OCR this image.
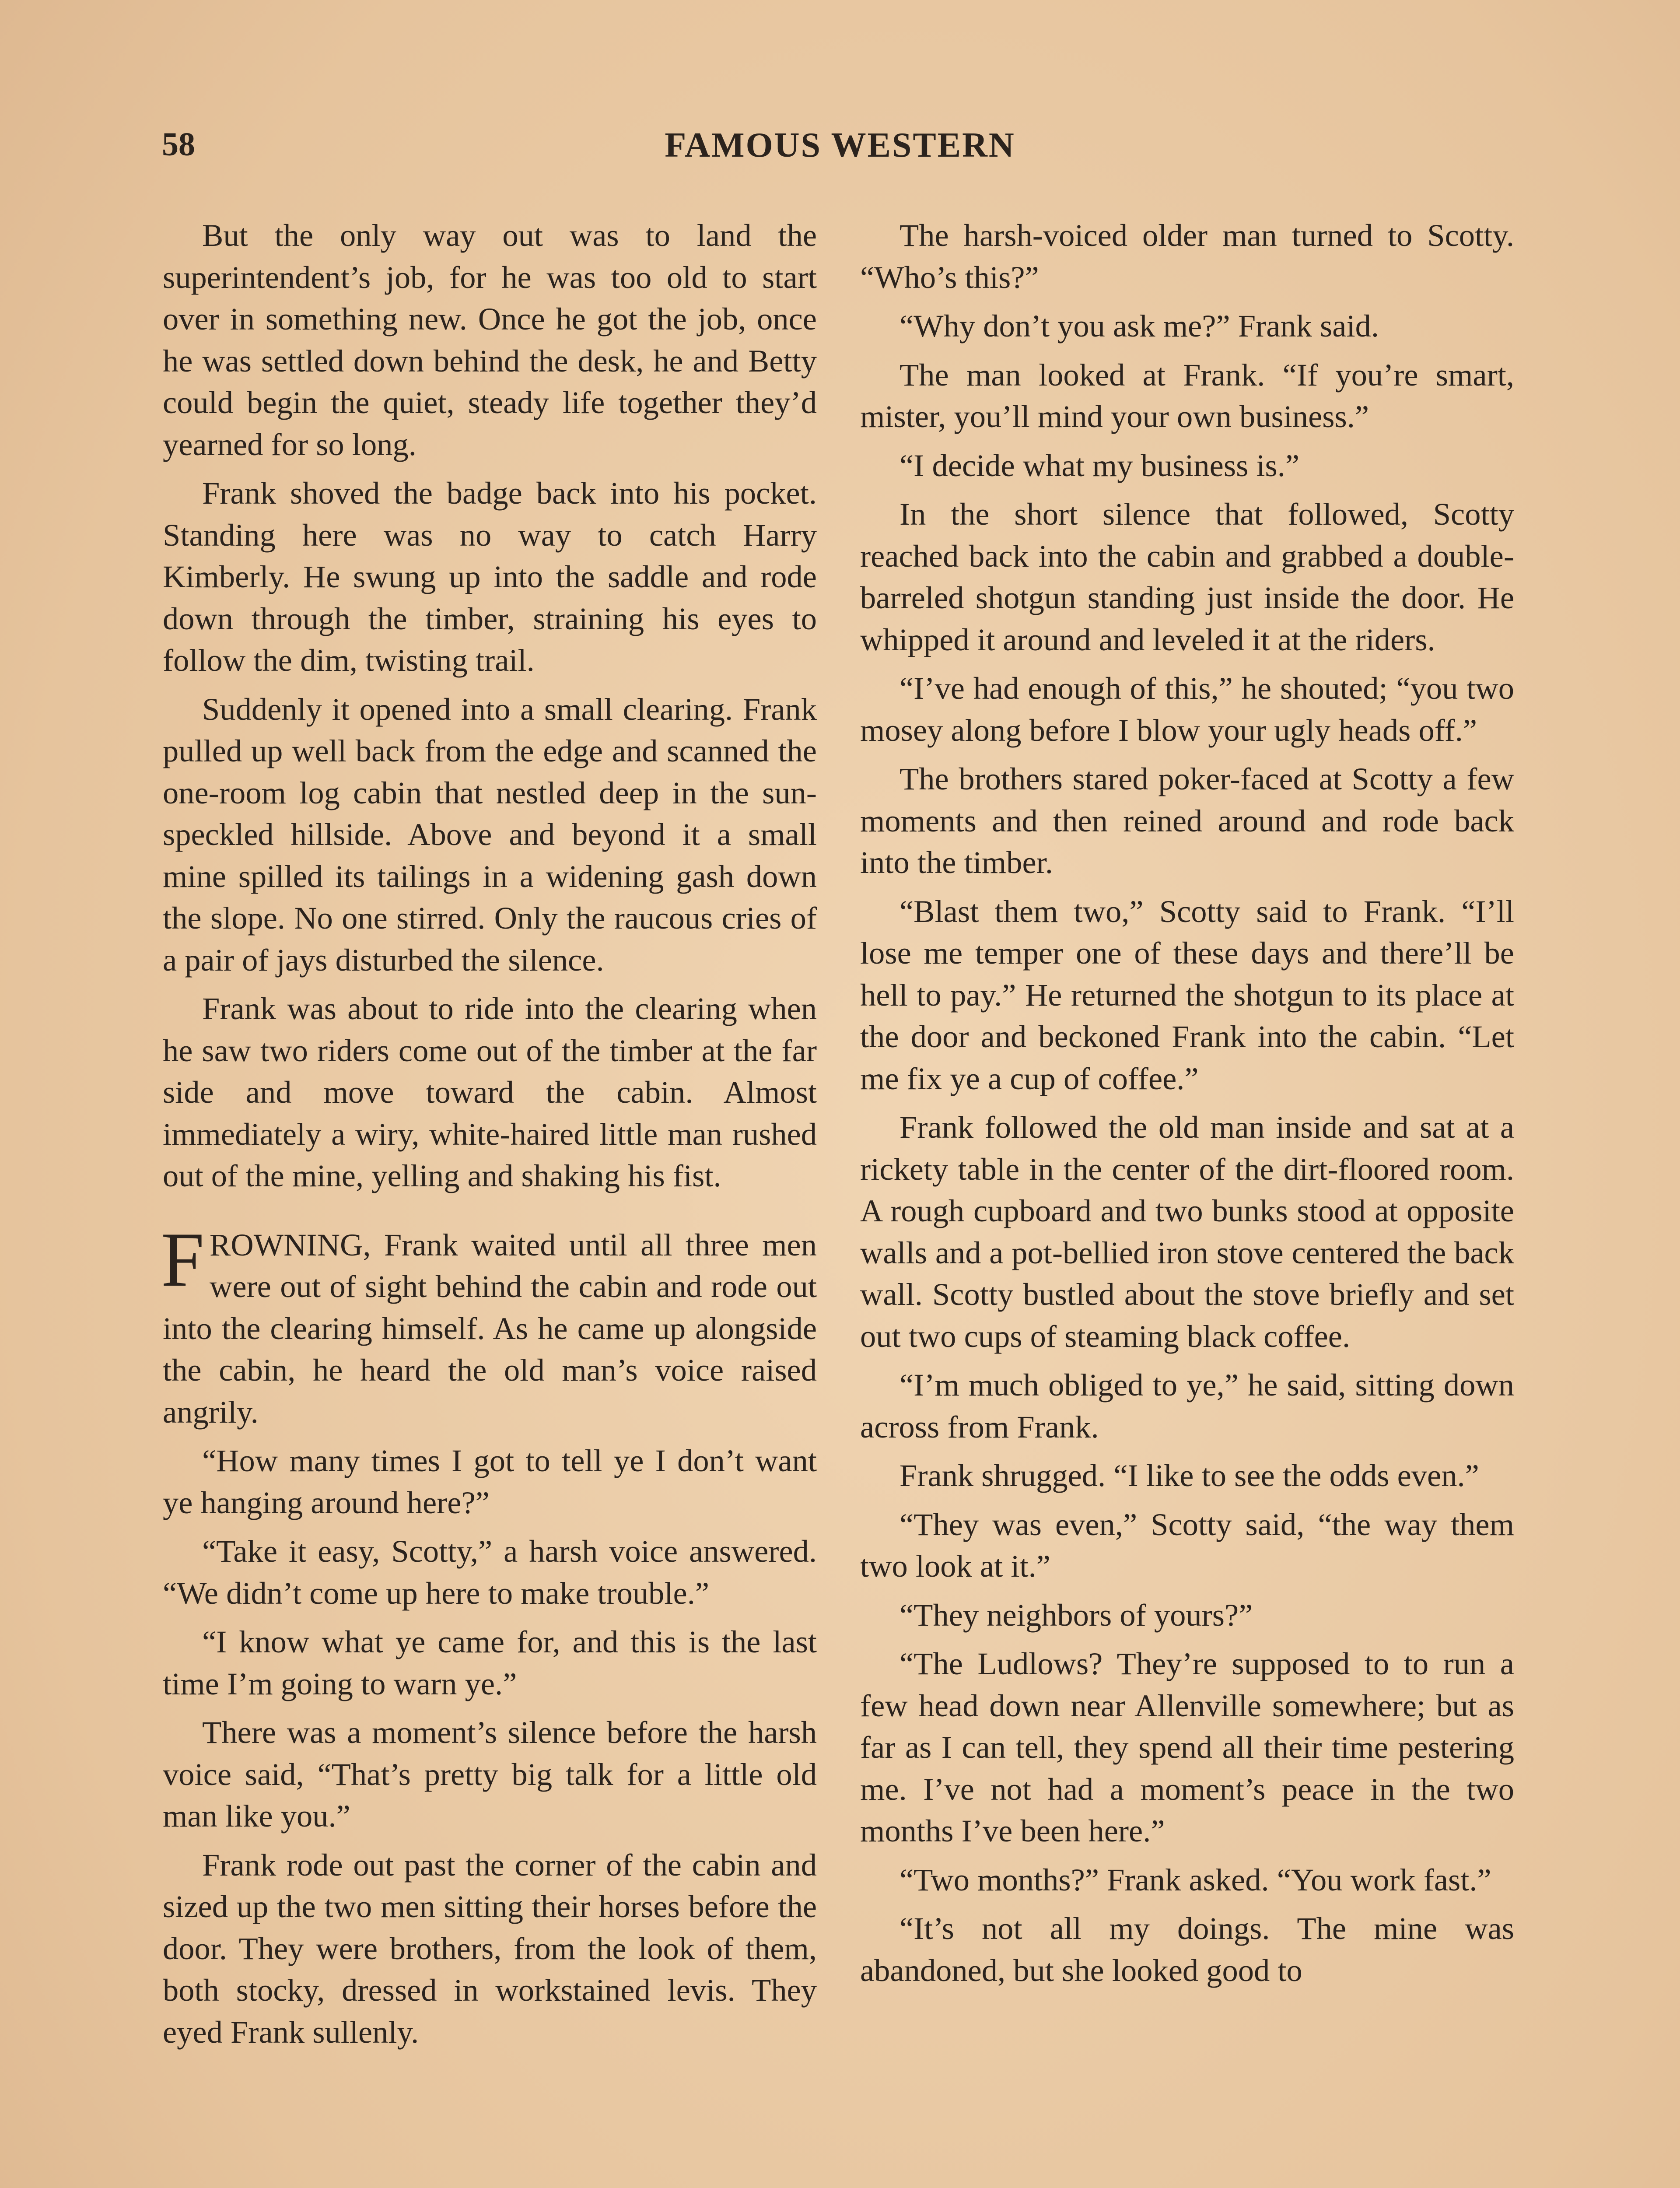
58	FAMOUS WESTERN

But the only way out was to land the superintendent’s job, for he was too old to start over in something new. Once he got the job, once he was settled down behind the desk, he and Betty could begin the quiet, steady life together they’d yearned for so long.

Frank shoved the badge back into his pocket. Standing here was no way to catch Harry Kimberly. He swung up into the saddle and rode down through the timber, straining his eyes to follow the dim, twisting trail.

Suddenly it opened into a small clearing. Frank pulled up well back from the edge and scanned the one-room log cabin that nestled deep in the sun-speckled hillside. Above and beyond it a small mine spilled its tailings in a widening gash down the slope. No one stirred. Only the raucous cries of a pair of jays disturbed the silence.

Frank was about to ride into the clearing when he saw two riders come out of the timber at the far side and move toward the cabin. Almost immediately a wiry, white-haired little man rushed out of the mine, yelling and shaking his fist.

FROWNING, Frank waited until all three men were out of sight behind the cabin and rode out into the clearing himself. As he came up alongside the cabin, he heard the old man’s voice raised angrily.

“How many times I got to tell ye I don’t want ye hanging around here?”

“Take it easy, Scotty,” a harsh voice answered. “We didn’t come up here to make trouble.”

“I know what ye came for, and this is the last time I’m going to warn ye.”

There was a moment’s silence before the harsh voice said, “That’s pretty big talk for a little old man like you.”

Frank rode out past the corner of the cabin and sized up the two men sitting their horses before the door. They were brothers, from the look of them, both stocky, dressed in workstained levis. They eyed Frank sullenly.

The harsh-voiced older man turned to Scotty. “Who’s this?”

“Why don’t you ask me?” Frank said.

The man looked at Frank. “If you’re smart, mister, you’ll mind your own business.”

“I decide what my business is.”

In the short silence that followed, Scotty reached back into the cabin and grabbed a double-barreled shotgun standing just inside the door. He whipped it around and leveled it at the riders.

“I’ve had enough of this,” he shouted; “you two mosey along before I blow your ugly heads off.”

The brothers stared poker-faced at Scotty a few moments and then reined around and rode back into the timber.

“Blast them two,” Scotty said to Frank. “I’ll lose me temper one of these days and there’ll be hell to pay.” He returned the shotgun to its place at the door and beckoned Frank into the cabin. “Let me fix ye a cup of coffee.”

Frank followed the old man inside and sat at a rickety table in the center of the dirt-floored room. A rough cupboard and two bunks stood at opposite walls and a pot-bellied iron stove centered the back wall. Scotty bustled about the stove briefly and set out two cups of steaming black coffee.

“I’m much obliged to ye,” he said, sitting down across from Frank.

Frank shrugged. “I like to see the odds even.”

“They was even,” Scotty said, “the way them two look at it.”

“They neighbors of yours?”

“The Ludlows? They’re supposed to to run a few head down near Allenville somewhere; but as far as I can tell, they spend all their time pestering me. I’ve not had a moment’s peace in the two months I’ve been here.”

“Two months?” Frank asked. “You work fast.”

“It’s not all my doings. The mine was abandoned, but she looked good to
